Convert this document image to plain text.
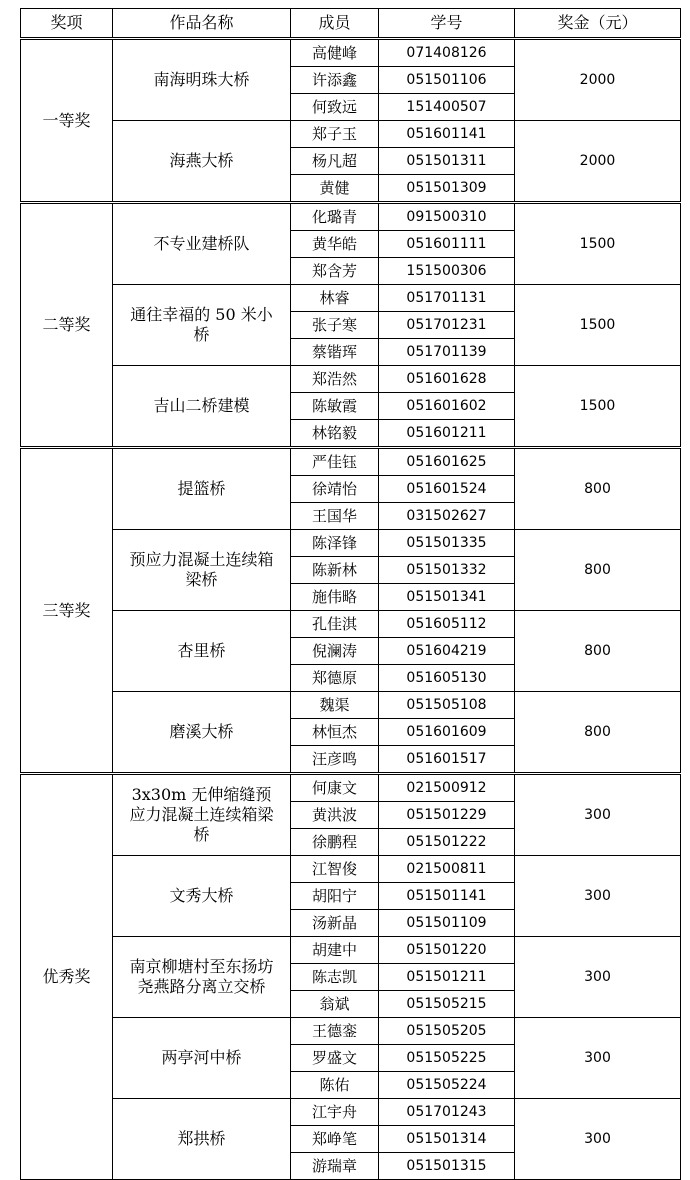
奖项	作品名称	成员	学号	奖金（元）
一等奖	南海明珠大桥	高健峰	071408126	2000
		许添鑫	051501106	
		何致远	151400507	
	海燕大桥	郑子玉	051601141	2000
		杨凡超	051501311	
		黄健	051501309	
二等奖	不专业建桥队	化璐青	091500310	1500
		黄华皓	051601111	
		郑含芳	151500306	
	通往幸福的 50 米小桥	林睿	051701131	1500
		张子寒	051701231	
		蔡锴珲	051701139	
	吉山二桥建模	郑浩然	051601628	1500
		陈敏霞	051601602	
		林铭毅	051601211	
三等奖	提篮桥	严佳钰	051601625	800
		徐靖怡	051601524	
		王国华	031502627	
	预应力混凝土连续箱梁桥	陈泽锋	051501335	800
		陈新林	051501332	
		施伟略	051501341	
	杏里桥	孔佳淇	051605112	800
		倪澜涛	051604219	
		郑德原	051605130	
	磨溪大桥	魏渠	051505108	800
		林恒杰	051601609	
		汪彦鸣	051601517	
优秀奖	3x30m 无伸缩缝预应力混凝土连续箱梁桥	何康文	021500912	300
		黄洪波	051501229	
		徐鹏程	051501222	
	文秀大桥	江智俊	021500811	300
		胡阳宁	051501141	
		汤新晶	051501109	
	南京柳塘村至东扬坊尧燕路分离立交桥	胡建中	051501220	300
		陈志凯	051501211	
		翁斌	051505215	
	两亭河中桥	王德銮	051505205	300
		罗盛文	051505225	
		陈佑	051505224	
	郑拱桥	江宇舟	051701243	300
		郑峥笔	051501314	
		游瑞章	051501315	
